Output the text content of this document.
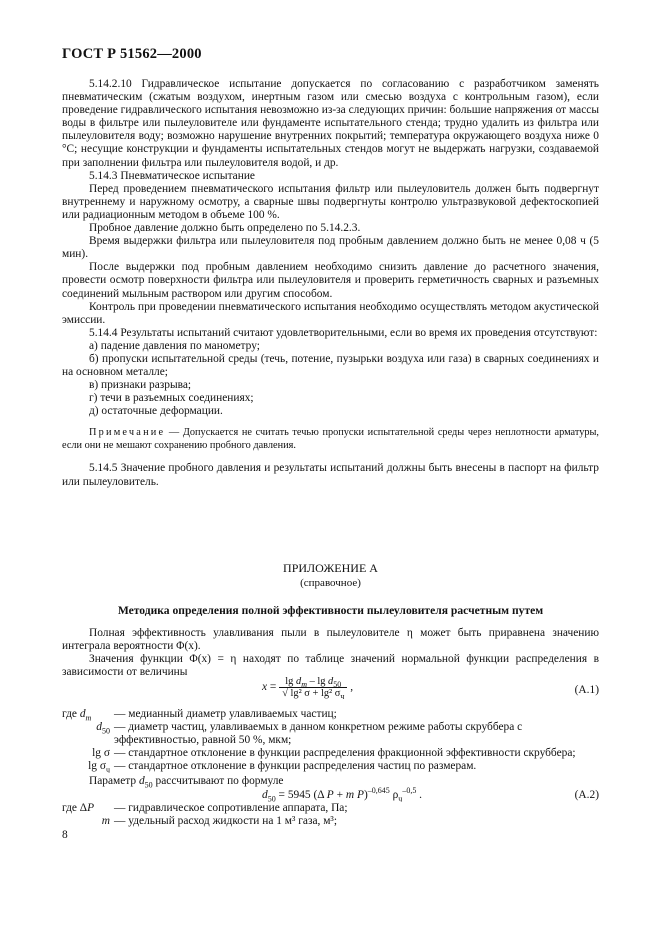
ГОСТ Р 51562—2000

5.14.2.10 Гидравлическое испытание допускается по согласованию с разработчиком заменять пневматическим (сжатым воздухом, инертным газом или смесью воздуха с контрольным газом), если проведение гидравлического испытания невозможно из-за следующих причин: большие напряжения от массы воды в фильтре или пылеуловителе или фундаменте испытательного стенда; трудно удалить из фильтра или пылеуловителя воду; возможно нарушение внутренних покрытий; температура окружающего воздуха ниже 0 °С; несущие конструкции и фундаменты испытательных стендов могут не выдержать нагрузки, создаваемой при заполнении фильтра или пылеуловителя водой, и др.

5.14.3 Пневматическое испытание

Перед проведением пневматического испытания фильтр или пылеуловитель должен быть подвергнут внутреннему и наружному осмотру, а сварные швы подвергнуты контролю ультразвуковой дефектоскопией или радиационным методом в объеме 100 %.

Пробное давление должно быть определено по 5.14.2.3.

Время выдержки фильтра или пылеуловителя под пробным давлением должно быть не менее 0,08 ч (5 мин).

После выдержки под пробным давлением необходимо снизить давление до расчетного значения, провести осмотр поверхности фильтра или пылеуловителя и проверить герметичность сварных и разъемных соединений мыльным раствором или другим способом.

Контроль при проведении пневматического испытания необходимо осуществлять методом акустической эмиссии.

5.14.4 Результаты испытаний считают удовлетворительными, если во время их проведения отсутствуют:

а) падение давления по манометру;

б) пропуски испытательной среды (течь, потение, пузырьки воздуха или газа) в сварных соединениях и на основном металле;

в) признаки разрыва;

г) течи в разъемных соединениях;

д) остаточные деформации.

Примечание — Допускается не считать течью пропуски испытательной среды через неплотности арматуры, если они не мешают сохранению пробного давления.

5.14.5 Значение пробного давления и результаты испытаний должны быть внесены в паспорт на фильтр или пылеуловитель.

ПРИЛОЖЕНИЕ А
(справочное)
Методика определения полной эффективности пылеуловителя расчетным путем

Полная эффективность улавливания пыли в пылеуловителе η может быть приравнена значению интеграла вероятности Φ(x).

Значения функции Φ(x) = η находят по таблице значений нормальной функции распределения в зависимости от величины

$x = \frac{\lg d_m - \lg d_{50}}{√ \lg^2 \sigma + \lg^2 \sigma_ч}$ ,	(A.1)
где $d_m$	— медианный диаметр улавливаемых частиц;
$d_{50}$ — диаметр частиц, улавливаемых в данном конкретном режиме работы скруббера с эффективностью, равной 50 %, мкм;
lg σ — стандартное отклонение в функции распределения фракционной эффективности скруббера;
$\lg \sigma_ч$ — стандартное отклонение в функции распределения частиц по размерам.
Параметр $d_{50}$ рассчитывают по формуле
$d_{50} = 5945$ (Δ P + m P)$^{-0,645}$ $\rho_ч^{-0,5}$ .	(A.2)
где ΔP	— гидравлическое сопротивление аппарата, Па;
m — удельный расход жидкости на 1 м³ газа, м³;
8
